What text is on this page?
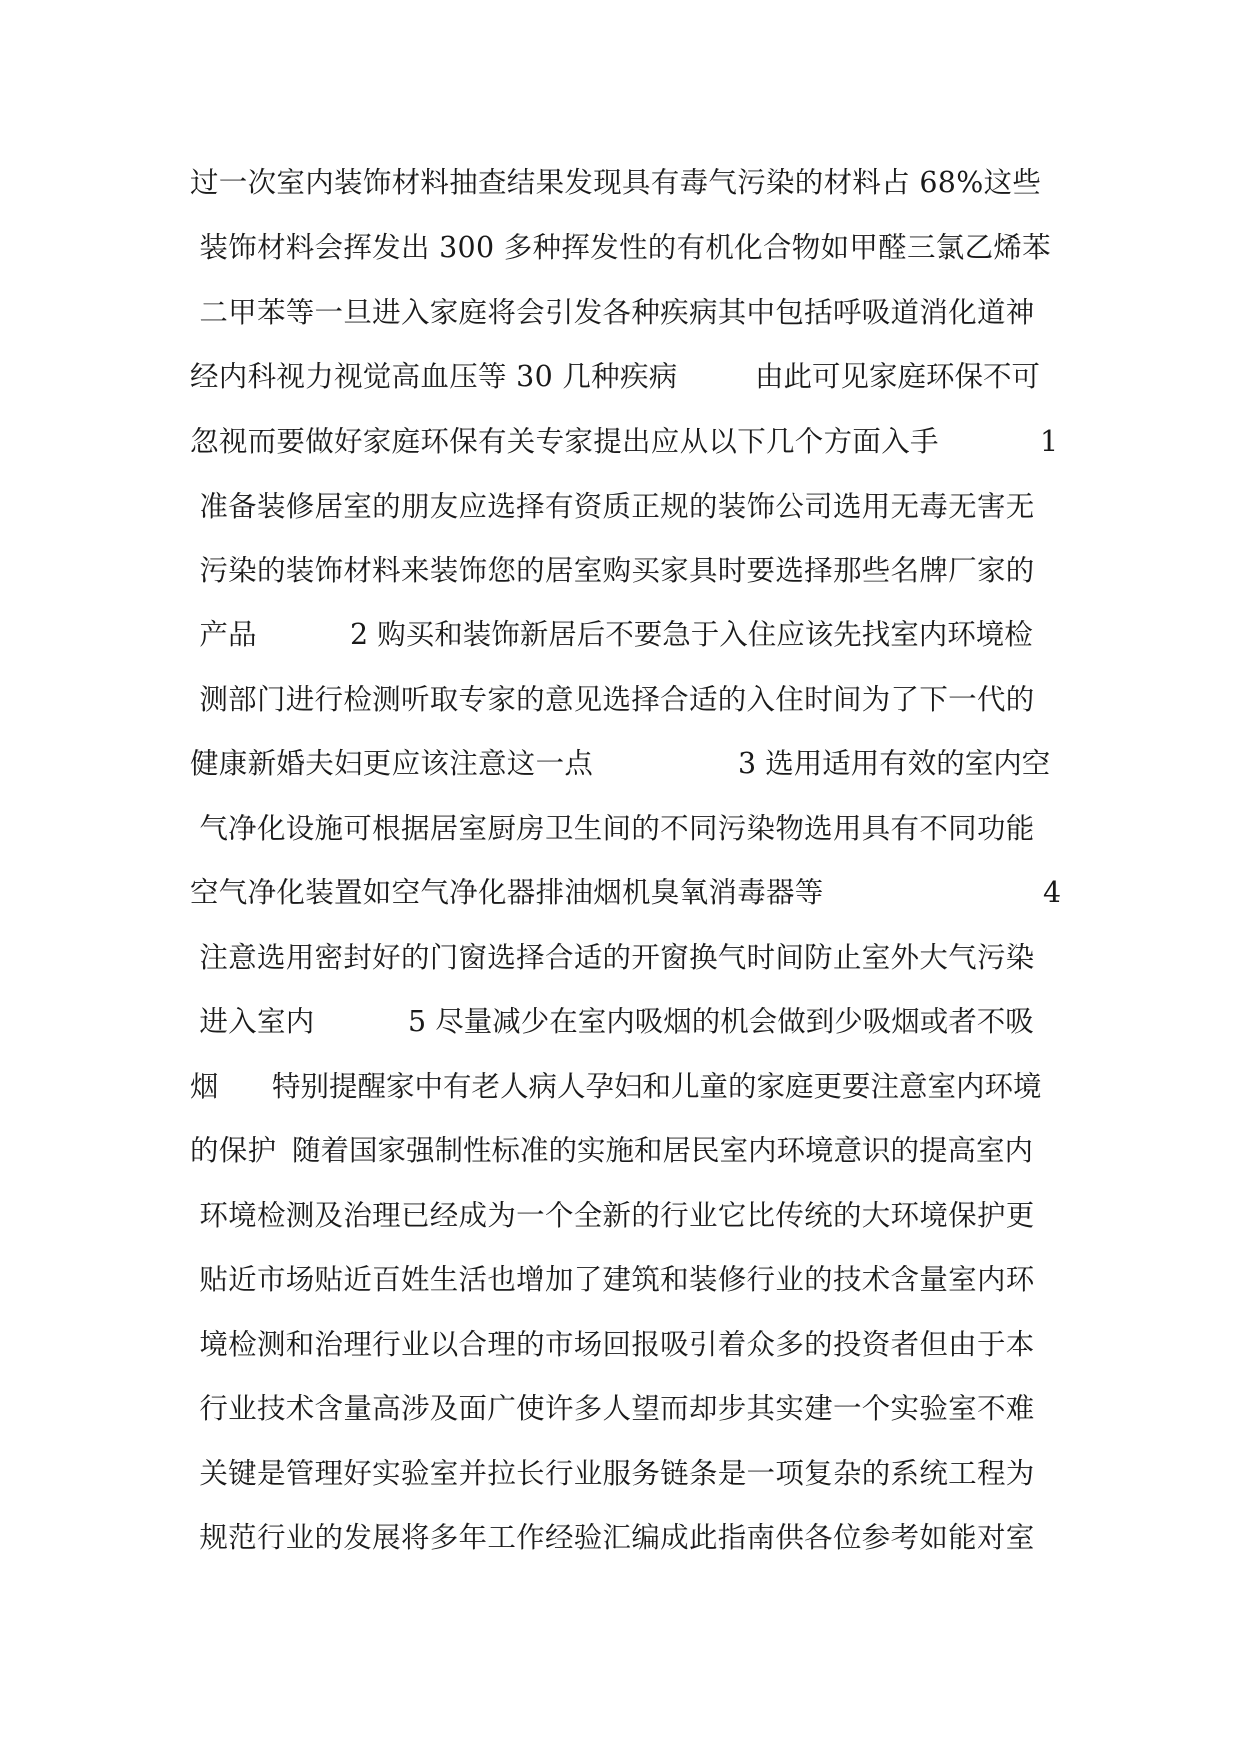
过一次室内装饰材料抽查结果发现具有毒气污染的材料占 68%这些
装饰材料会挥发出 300 多种挥发性的有机化合物如甲醛三氯乙烯苯
二甲苯等一旦进入家庭将会引发各种疾病其中包括呼吸道消化道神
经内科视力视觉高血压等 30 几种疾病	由此可见家庭环保不可
忽视而要做好家庭环保有关专家提出应从以下几个方面入手	1
准备装修居室的朋友应选择有资质正规的装饰公司选用无毒无害无
污染的装饰材料来装饰您的居室购买家具时要选择那些名牌厂家的
产品	2 购买和装饰新居后不要急于入住应该先找室内环境检
测部门进行检测听取专家的意见选择合适的入住时间为了下一代的
健康新婚夫妇更应该注意这一点	3 选用适用有效的室内空
气净化设施可根据居室厨房卫生间的不同污染物选用具有不同功能
空气净化装置如空气净化器排油烟机臭氧消毒器等	4
注意选用密封好的门窗选择合适的开窗换气时间防止室外大气污染
进入室内	5 尽量减少在室内吸烟的机会做到少吸烟或者不吸
烟 特别提醒家中有老人病人孕妇和儿童的家庭更要注意室内环境
的保护 随着国家强制性标准的实施和居民室内环境意识的提高室内
环境检测及治理已经成为一个全新的行业它比传统的大环境保护更
贴近市场贴近百姓生活也增加了建筑和装修行业的技术含量室内环
境检测和治理行业以合理的市场回报吸引着众多的投资者但由于本
行业技术含量高涉及面广使许多人望而却步其实建一个实验室不难
关键是管理好实验室并拉长行业服务链条是一项复杂的系统工程为
规范行业的发展将多年工作经验汇编成此指南供各位参考如能对室
